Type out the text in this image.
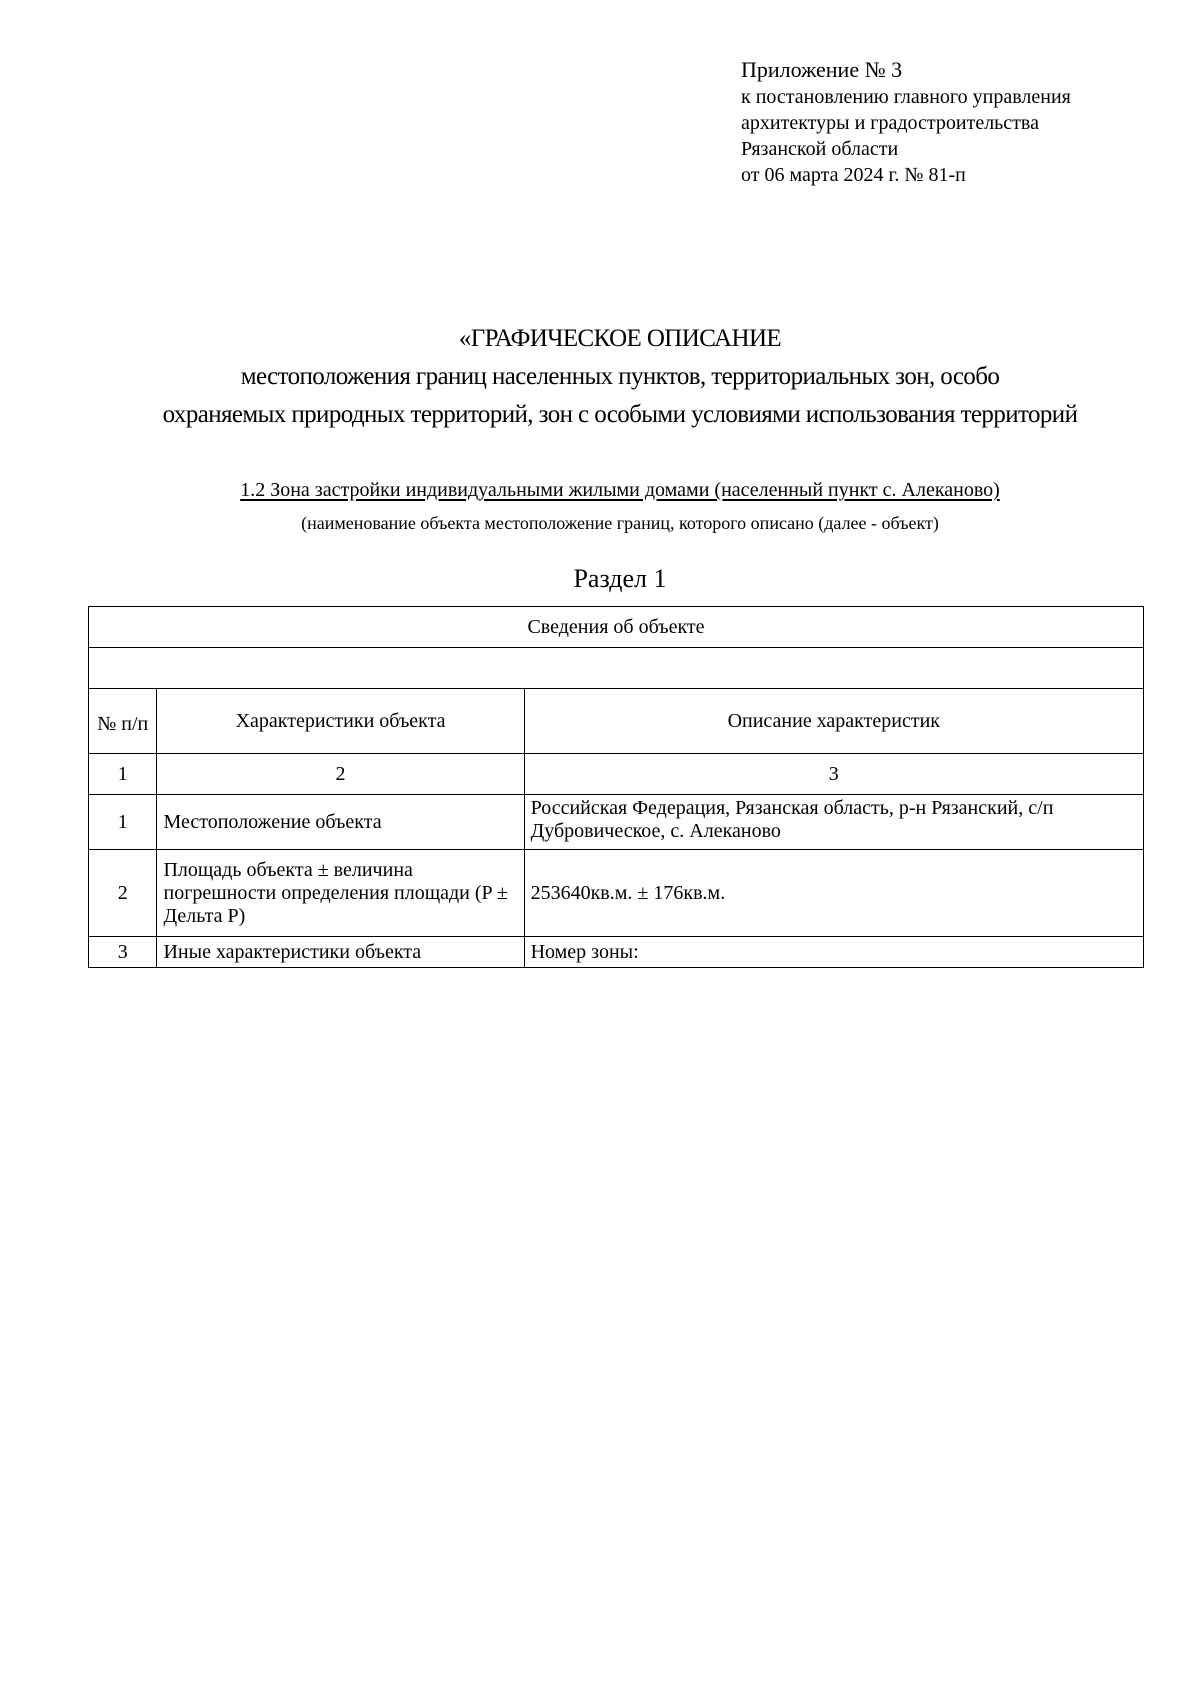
Приложение № 3
к постановлению главного управления
архитектуры и градостроительства
Рязанской области
от 06 марта 2024 г. № 81-п
«ГРАФИЧЕСКОЕ ОПИСАНИЕ
местоположения границ населенных пунктов, территориальных зон, особо
охраняемых природных территорий, зон с особыми условиями использования территорий
1.2 Зона застройки индивидуальными жилыми домами (населенный пункт с. Алеканово)
(наименование объекта местоположение границ, которого описано (далее - объект)
Раздел 1
Сведения об объекте		

№ п/п	Характеристики объекта	Описание характеристик
1	2	3
1	Местоположение объекта	Российская Федерация, Рязанская область, р-н Рязанский, с/п Дубровическое, с. Алеканово
2	Площадь объекта ± величина погрешности определения площади (P ± Дельта P)	253640кв.м. ± 176кв.м.
3	Иные характеристики объекта	Номер зоны:
